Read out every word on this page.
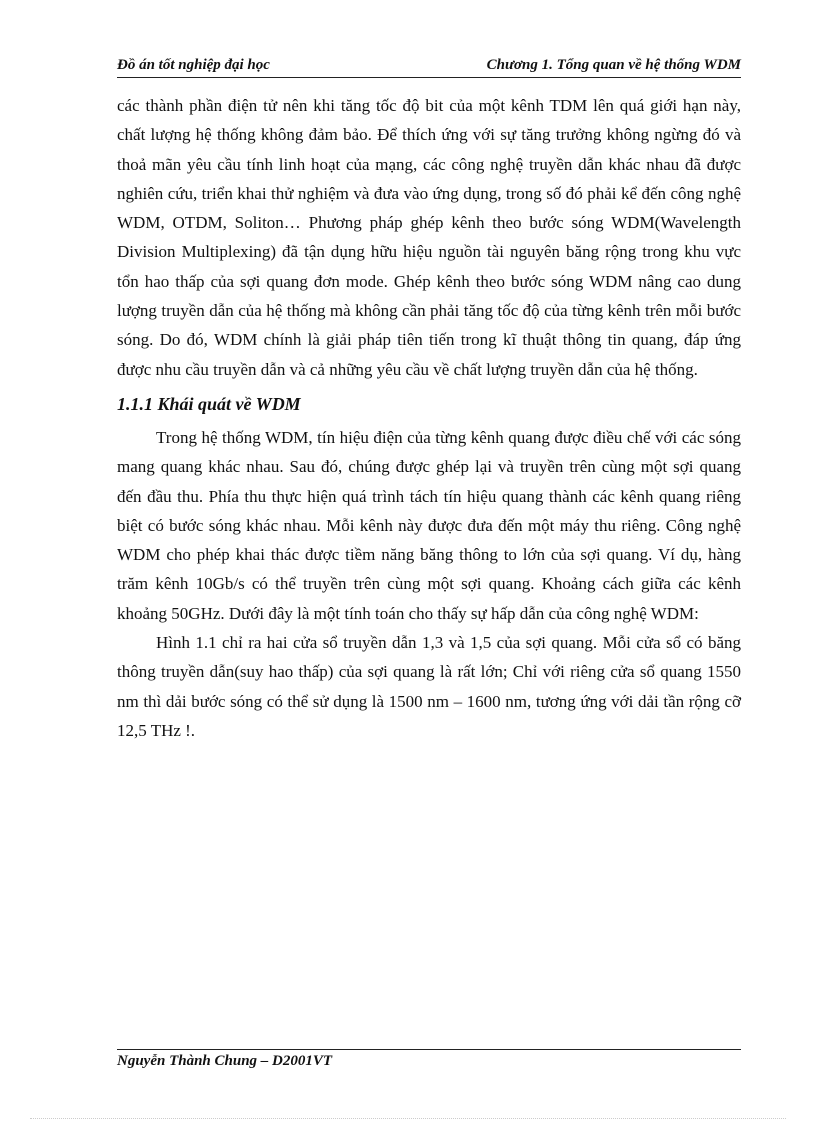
Đồ án tốt nghiệp đại học	Chương 1. Tổng quan về hệ thống WDM

các thành phần điện tử nên khi tăng tốc độ bit của một kênh TDM lên quá giới hạn này, chất lượng hệ thống không đảm bảo. Để thích ứng với sự tăng trưởng không ngừng đó và thoả mãn yêu cầu tính linh hoạt của mạng, các công nghệ truyền dẫn khác nhau đã được nghiên cứu, triển khai thử nghiệm và đưa vào ứng dụng, trong số đó phải kể đến công nghệ WDM, OTDM, Soliton… Phương pháp ghép kênh theo bước sóng WDM(Wavelength Division Multiplexing) đã tận dụng hữu hiệu nguồn tài nguyên băng rộng trong khu vực tổn hao thấp của sợi quang đơn mode. Ghép kênh theo bước sóng WDM nâng cao dung lượng truyền dẫn của hệ thống mà không cần phải tăng tốc độ của từng kênh trên mỗi bước sóng. Do đó, WDM chính là giải pháp tiên tiến trong kĩ thuật thông tin quang, đáp ứng được nhu cầu truyền dẫn và cả những yêu cầu về chất lượng truyền dẫn của hệ thống.

1.1.1 Khái quát về WDM

Trong hệ thống WDM, tín hiệu điện của từng kênh quang được điều chế với các sóng mang quang khác nhau. Sau đó, chúng được ghép lại và truyền trên cùng một sợi quang đến đầu thu. Phía thu thực hiện quá trình tách tín hiệu quang thành các kênh quang riêng biệt có bước sóng khác nhau. Mỗi kênh này được đưa đến một máy thu riêng. Công nghệ WDM cho phép khai thác được tiềm năng băng thông to lớn của sợi quang. Ví dụ, hàng trăm kênh 10Gb/s có thể truyền trên cùng một sợi quang. Khoảng cách giữa các kênh khoảng 50GHz. Dưới đây là một tính toán cho thấy sự hấp dẫn của công nghệ WDM:

Hình 1.1 chỉ ra hai cửa sổ truyền dẫn 1,3 và 1,5 của sợi quang. Mỗi cửa sổ có băng thông truyền dẫn(suy hao thấp) của sợi quang là rất lớn; Chỉ với riêng cửa sổ quang 1550 nm thì dải bước sóng có thể sử dụng là 1500 nm – 1600 nm, tương ứng với dải tần rộng cỡ 12,5 THz !.

Nguyễn Thành Chung – D2001VT
